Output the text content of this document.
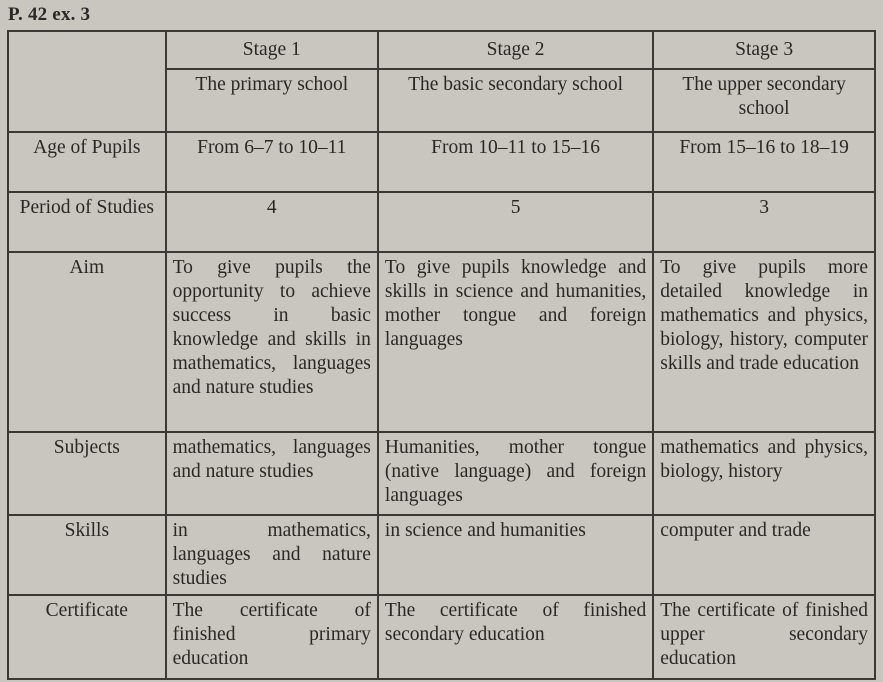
P. 42 ex. 3
	Stage 1	Stage 2	Stage 3
	The primary school	The basic secondary school	The upper secondary school
Age of Pupils	From 6–7 to 10–11	From 10–11 to 15–16	From 15–16 to 18–19
Period of Studies	4	5	3
Aim	To give pupils the opportunity to achieve success in basic knowledge and skills in mathematics, languages and nature studies	To give pupils knowledge and skills in science and humanities, mother tongue and foreign languages	To give pupils more detailed knowledge in mathematics and physics, biology, history, computer skills and trade education
Subjects	mathematics, languages and nature studies	Humanities, mother tongue (native language) and foreign languages	mathematics and physics, biology, history
Skills	in mathematics, languages and nature studies	in science and humanities	computer and trade
Certificate	The certificate of finished primary education	The certificate of finished secondary education	The certificate of finished upper secondary education
